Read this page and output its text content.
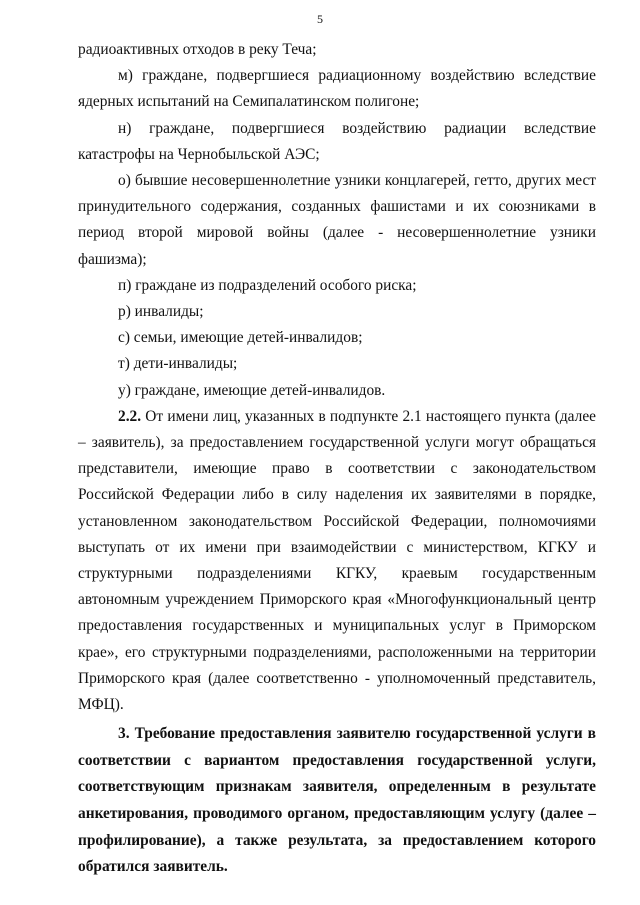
5

радиоактивных отходов в реку Теча;

м) граждане, подвергшиеся радиационному воздействию вследствие ядерных испытаний на Семипалатинском полигоне;

н) граждане, подвергшиеся воздействию радиации вследствие катастрофы на Чернобыльской АЭС;

о) бывшие несовершеннолетние узники концлагерей, гетто, других мест принудительного содержания, созданных фашистами и их союзниками в период второй мировой войны (далее - несовершеннолетние узники фашизма);

п) граждане из подразделений особого риска;

р) инвалиды;

с) семьи, имеющие детей-инвалидов;

т) дети-инвалиды;

у) граждане, имеющие детей-инвалидов.

2.2. От имени лиц, указанных в подпункте 2.1 настоящего пункта (далее – заявитель), за предоставлением государственной услуги могут обращаться представители, имеющие право в соответствии с законодательством Российской Федерации либо в силу наделения их заявителями в порядке, установленном законодательством Российской Федерации, полномочиями выступать от их имени при взаимодействии с министерством, КГКУ и структурными подразделениями КГКУ, краевым государственным автономным учреждением Приморского края «Многофункциональный центр предоставления государственных и муниципальных услуг в Приморском крае», его структурными подразделениями, расположенными на территории Приморского края (далее соответственно - уполномоченный представитель, МФЦ).

3. Требование предоставления заявителю государственной услуги в соответствии с вариантом предоставления государственной услуги, соответствующим признакам заявителя, определенным в результате анкетирования, проводимого органом, предоставляющим услугу (далее – профилирование), а также результата, за предоставлением которого обратился заявитель.
